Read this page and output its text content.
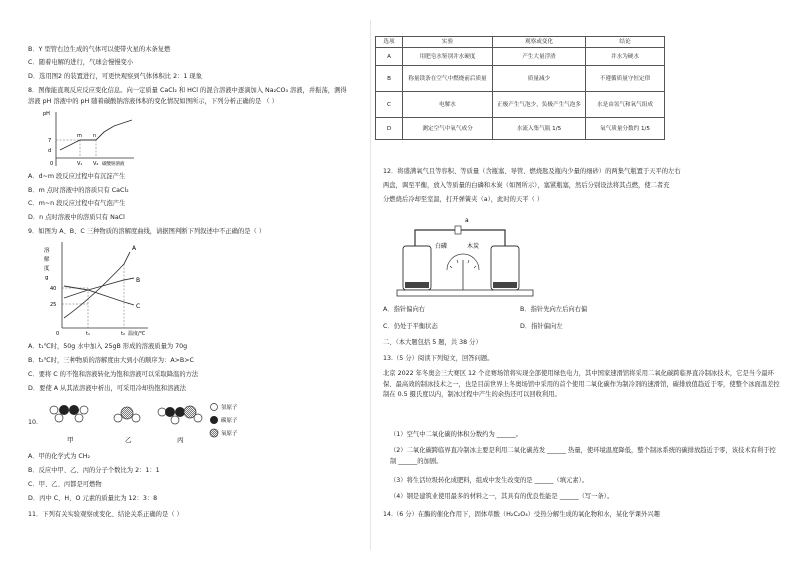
B．Y 型管右边生成的气体可以使带火星的木条复燃
C．随着电解的进行，气球会慢慢变小
D．选用图2 的装置进行，可更快观察到气体体积比 2：1 现象
8．图像能直观反应反应变化信息。向一定质量 CaCl₂ 和 HCl 的混合溶液中逐滴加入 Na₂CO₃ 溶液，并振荡，测得
溶液 pH 溶液中的 pH 随着碳酸钠溶液体积的变化情况如图所示，下列分析正确的是 （ ）
pH
7
d
m n
0	V₁ V₂ 碳酸钠溶液
A．d~m 段反应过程中有沉淀产生
B．m 点时溶液中的溶质只有 CaCl₂
C．m~n 段反应过程中有气泡产生
D．n 点时溶液中的溶质只有 NaCl
9．如图为 A、B、C 三种物质的溶解度曲线，请据图判断下列叙述中不正确的是（ ）
溶
解
度
g
40
25
0	t₁	t₂ 温度/℃
A
B
C
A．t₁℃时，50g 水中加入 25gB 形成的溶液质量为 70g
B．t₂℃时，三种物质的溶解度由大到小的顺序为：A>B>C
C．要将 C 的不饱和溶液转化为饱和溶液可以采取降温的方法
D．要使 A 从其浓溶液中析出，可采用冷却热饱和溶液法
10.
氢原子
碳原子
氧原子
甲	乙	丙
A．甲的化学式为 CH₂
B．反应中甲、乙、丙的分子个数比为 2：1：1
C．甲、乙、丙都是可燃物
D．丙中 C、H、O 元素的质量比为 12：3：8
11．下列有关实验观察或变化、结论关系正确的是（ ）
选项	实验	观察或变化	结论
A	用肥皂水鉴别井水硬度	产生大量浮渣	井水为硬水
B	称量镁条在空气中燃烧前后质量	质量减少	不遵循质量守恒定律
C	电解水	正极产生气泡少，负极产生气泡多	水是由氢气和氧气组成
D	测定空气中氧气成分	水流入集气瓶 1/5	氧气质量分数约 1/5
12．将盛满氧气且等容积、等质量（含瓶塞、导管、燃烧匙及瓶内少量的细砂）的两集气瓶置于天平的左右
两盘，调至平衡，放入等质量的白磷和木炭（如图所示），塞紧瓶塞，然后分别设法将其点燃，使二者充
分燃烧后冷却至室温，打开弹簧夹（a），此时的天平（ ）
a
白磷	木炭
A．指针偏向右	B．指针先向左后向右偏
C．仍处于平衡状态	D．指针偏向左
二、（本大题包括 5 题，共 38 分）
13.（5 分）阅读下列短文，回答问题。
北京 2022 年冬奥会三大赛区 12 个竞赛场馆将实现全部使用绿色电力，其中国家速滑馆将采用二氧化碳跨临界直冷制冰技术，它是当今最环保、最高效的制冰技术之一，也是目前世界上冬奥场馆中采用的首个使用二氧化碳作为制冷剂的速滑馆，碳排放值趋近于零，使整个冰面温差控制在 0.5 摄氏度以内，制冰过程中产生的余热还可以回收利用。
（1）空气中二氧化碳的体积分数约为 ______。
（2）二氧化碳跨临界直冷制冰主要是利用二氧化碳蒸发 ______ 热量，使环境温度降低，整个制冰系统的碳排放趋近于零，该技术有利于控制 ______的加剧。
（3）将生活垃圾转化成肥料，组成中发生改变的是 ______（填元素）。
（4）钢是建筑业使用最多的材料之一，其具有的优良性能是 ______（写一条）。
14.（6 分）在酶的催化作用下，固体草酸（H₂C₂O₄）受热分解生成的氧化物和水，某化学课外兴趣
